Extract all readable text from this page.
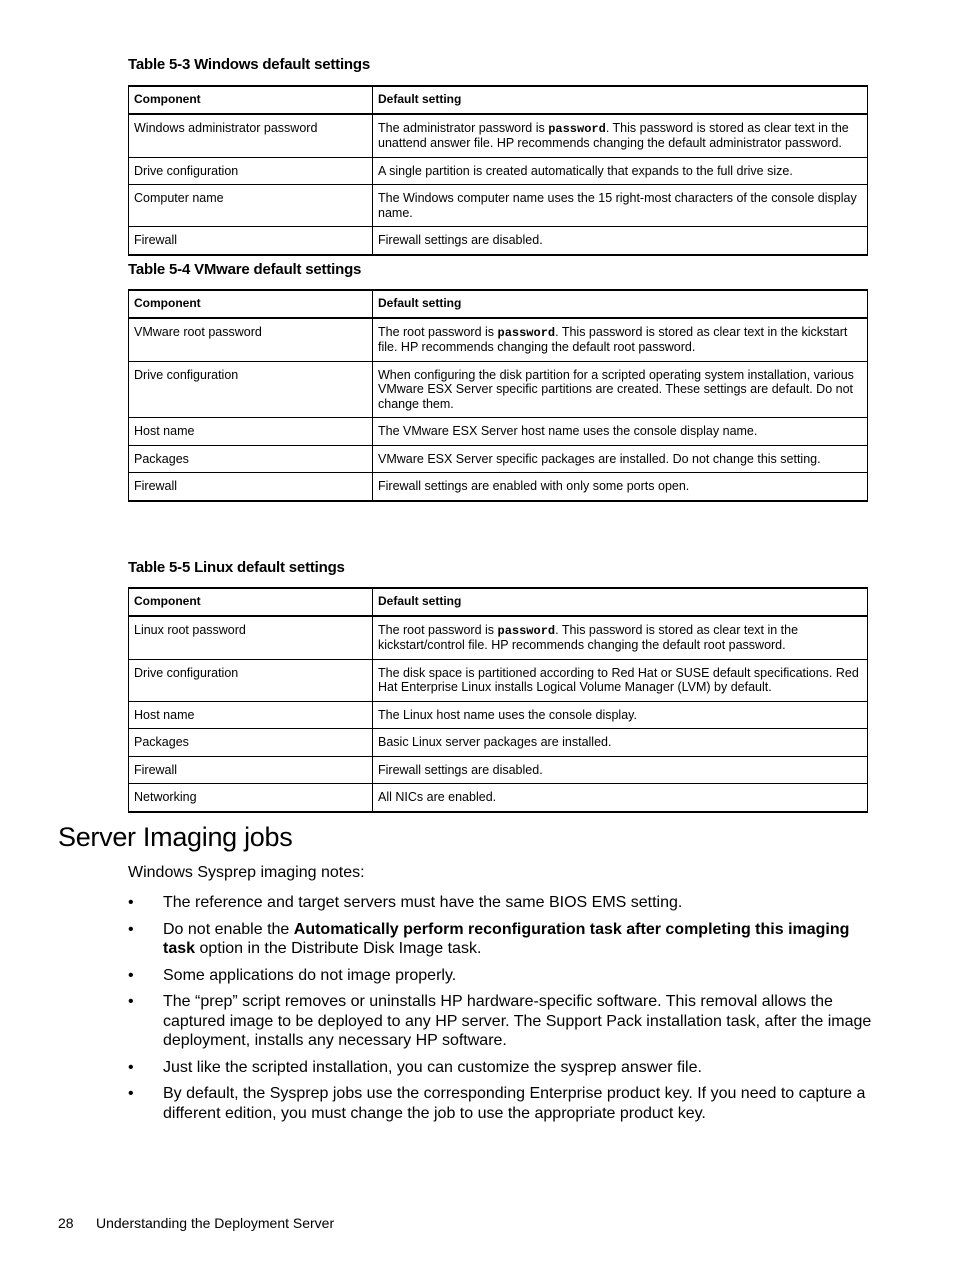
Table 5-3 Windows default settings
Component	Default setting
Windows administrator password	The administrator password is password. This password is stored as clear text in the unattend answer file. HP recommends changing the default administrator password.
Drive configuration	A single partition is created automatically that expands to the full drive size.
Computer name	The Windows computer name uses the 15 right-most characters of the console display name.
Firewall	Firewall settings are disabled.
Table 5-4 VMware default settings
Component	Default setting
VMware root password	The root password is password. This password is stored as clear text in the kickstart file. HP recommends changing the default root password.
Drive configuration	When configuring the disk partition for a scripted operating system installation, various VMware ESX Server specific partitions are created. These settings are default. Do not change them.
Host name	The VMware ESX Server host name uses the console display name.
Packages	VMware ESX Server specific packages are installed. Do not change this setting.
Firewall	Firewall settings are enabled with only some ports open.
Table 5-5 Linux default settings
Component	Default setting
Linux root password	The root password is password. This password is stored as clear text in the kickstart/control file. HP recommends changing the default root password.
Drive configuration	The disk space is partitioned according to Red Hat or SUSE default specifications. Red Hat Enterprise Linux installs Logical Volume Manager (LVM) by default.
Host name	The Linux host name uses the console display.
Packages	Basic Linux server packages are installed.
Firewall	Firewall settings are disabled.
Networking	All NICs are enabled.
Server Imaging jobs

Windows Sysprep imaging notes:

• The reference and target servers must have the same BIOS EMS setting.
• Do not enable the Automatically perform reconfiguration task after completing this imaging task option in the Distribute Disk Image task.
• Some applications do not image properly.
• The “prep” script removes or uninstalls HP hardware-specific software. This removal allows the captured image to be deployed to any HP server. The Support Pack installation task, after the image deployment, installs any necessary HP software.
• Just like the scripted installation, you can customize the sysprep answer file.
• By default, the Sysprep jobs use the corresponding Enterprise product key. If you need to capture a different edition, you must change the job to use the appropriate product key.
28 Understanding the Deployment Server
